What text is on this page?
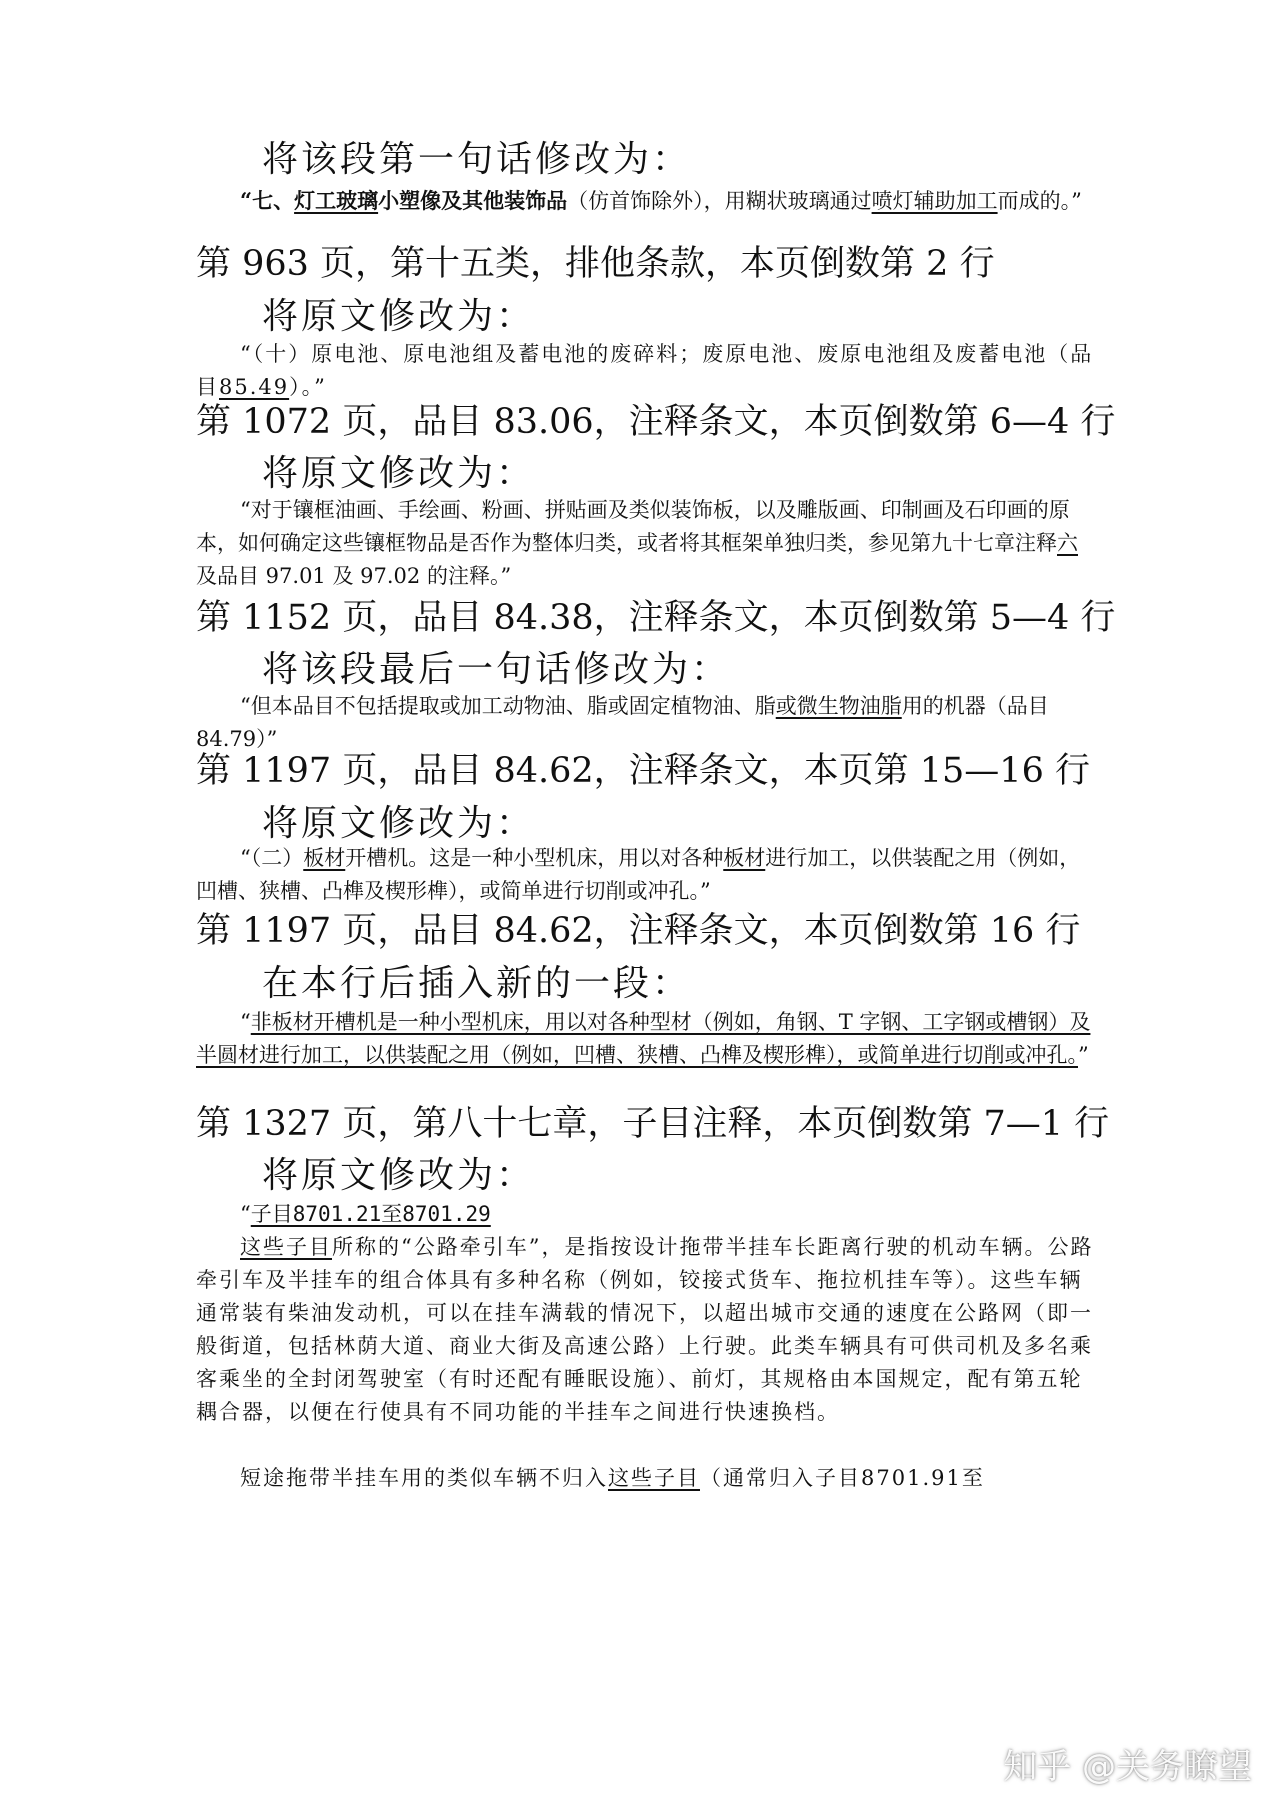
将该段第一句话修改为：
“七、灯工玻璃小塑像及其他装饰品（仿首饰除外），用糊状玻璃通过喷灯辅助加工而成的。”
第 963 页，第十五类，排他条款，本页倒数第 2 行
将原文修改为：
“（十）原电池、原电池组及蓄电池的废碎料；废原电池、废原电池组及废蓄电池（品目85.49）。”
第 1072 页，品目 83.06，注释条文，本页倒数第 6—4 行
将原文修改为：
“对于镶框油画、手绘画、粉画、拼贴画及类似装饰板，以及雕版画、印制画及石印画的原本，如何确定这些镶框物品是否作为整体归类，或者将其框架单独归类，参见第九十七章注释六及品目 97.01 及 97.02 的注释。”
第 1152 页，品目 84.38，注释条文，本页倒数第 5—4 行
将该段最后一句话修改为：
“但本品目不包括提取或加工动物油、脂或固定植物油、脂或微生物油脂用的机器（品目84.79）”
第 1197 页，品目 84.62，注释条文，本页第 15—16 行
将原文修改为：
“（二）板材开槽机。这是一种小型机床，用以对各种板材进行加工，以供装配之用（例如，凹槽、狭槽、凸榫及楔形榫），或简单进行切削或冲孔。”
第 1197 页，品目 84.62，注释条文，本页倒数第 16 行
在本行后插入新的一段：
“非板材开槽机是一种小型机床，用以对各种型材（例如，角钢、T 字钢、工字钢或槽钢）及半圆材进行加工，以供装配之用（例如，凹槽、狭槽、凸榫及楔形榫），或简单进行切削或冲孔。”
第 1327 页，第八十七章，子目注释，本页倒数第 7—1 行
将原文修改为：
“子目8701.21至8701.29
这些子目所称的“公路牵引车”，是指按设计拖带半挂车长距离行驶的机动车辆。公路牵引车及半挂车的组合体具有多种名称（例如，铰接式货车、拖拉机挂车等）。这些车辆通常装有柴油发动机，可以在挂车满载的情况下，以超出城市交通的速度在公路网（即一般街道，包括林荫大道、商业大街及高速公路）上行驶。此类车辆具有可供司机及多名乘客乘坐的全封闭驾驶室（有时还配有睡眠设施）、前灯，其规格由本国规定，配有第五轮耦合器，以便在行使具有不同功能的半挂车之间进行快速换档。
短途拖带半挂车用的类似车辆不归入这些子目（通常归入子目8701.91至
知乎 @关务瞭望
